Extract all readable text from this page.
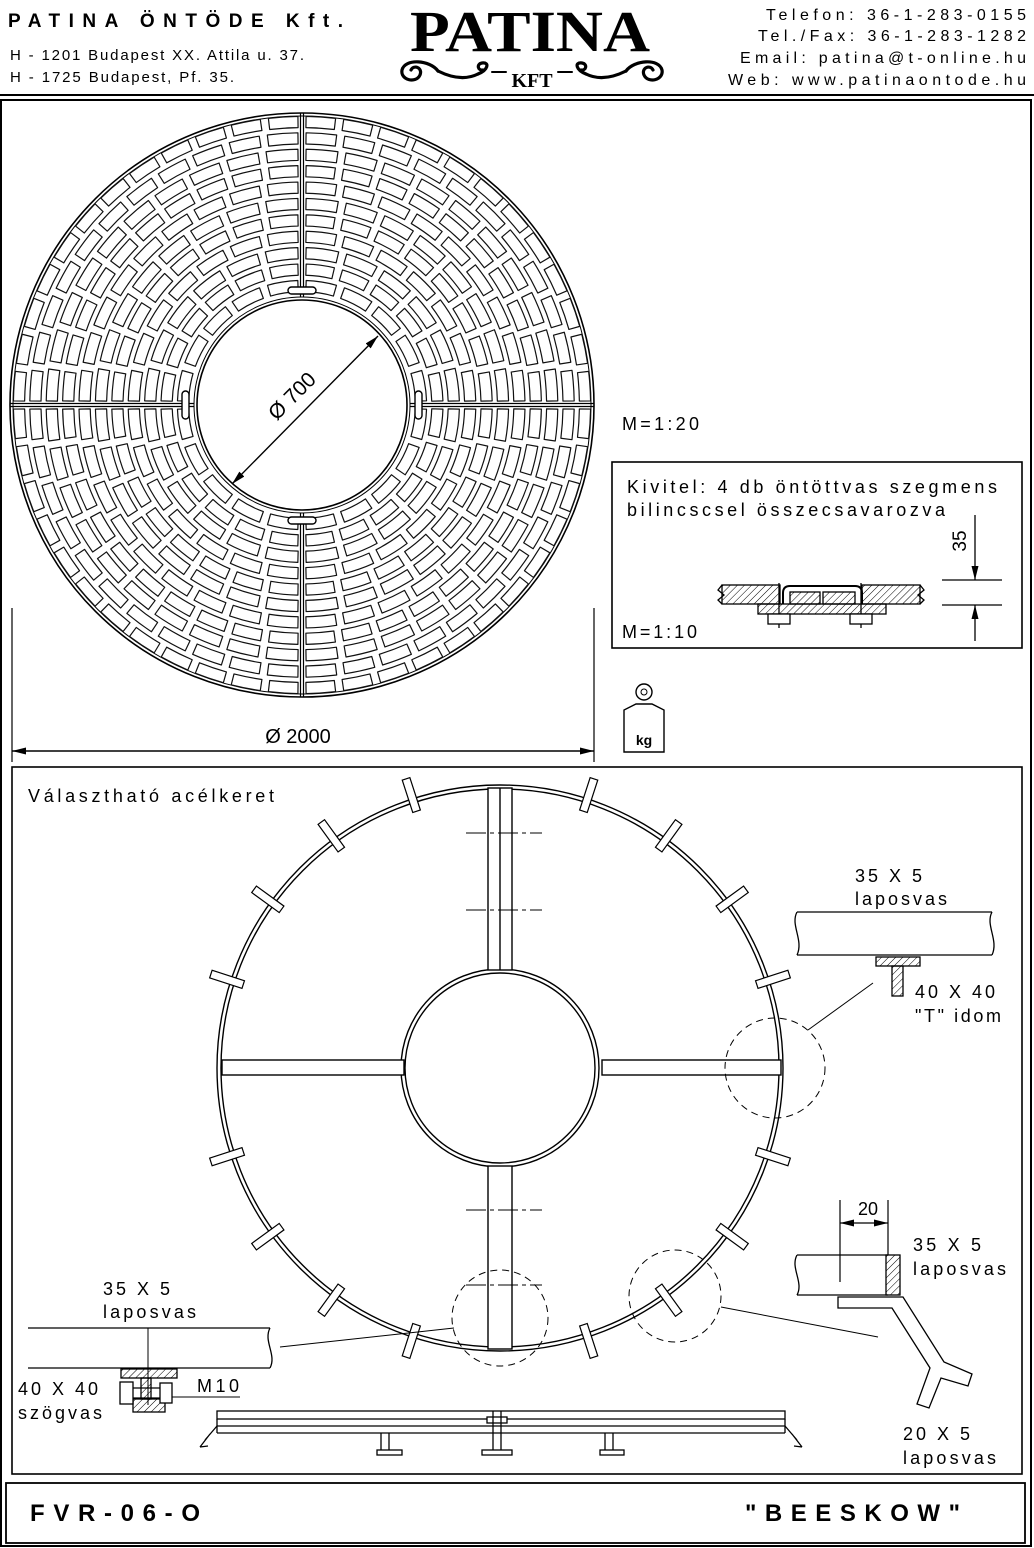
PATINA ÖNTÖDE Kft.
H - 1201 Budapest XX. Attila u. 37.
H - 1725 Budapest, Pf. 35.
PATINA
KFT
Telefon: 36-1-283-0155
Tel./Fax: 36-1-283-1282
Email: patina@t-online.hu
Web: www.patinaontode.hu
Ø 700
Ø 2000
M=1:20
Kivitel: 4 db öntöttvas szegmens
bilincscsel összecsavarozva
35
M=1:10
kg
Választható acélkeret
35 X 5
laposvas
40 X 40
"T" idom
20
35 X 5
laposvas
20 X 5
laposvas
35 X 5
laposvas
40 X 40
szögvas
M10
FVR-06-O	"BEESKOW"
